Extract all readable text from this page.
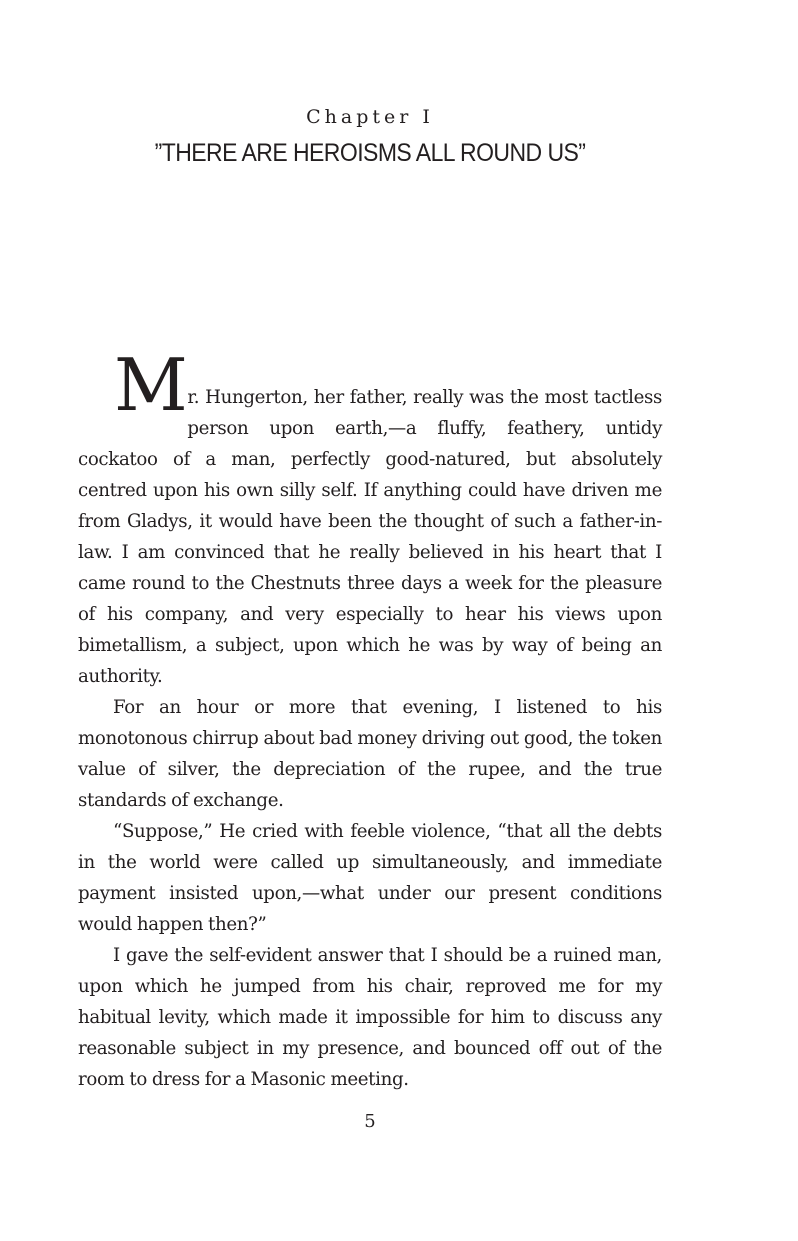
Chapter I
”THERE ARE HEROISMS ALL ROUND US”

Mr. Hungerton, her father, really was the most tactless person upon earth,—a fluffy, feathery, untidy cockatoo of a man, perfectly good-natured, but absolutely centred upon his own silly self. If anything could have driven me from Gladys, it would have been the thought of such a father-in-law. I am convinced that he really believed in his heart that I came round to the Chestnuts three days a week for the pleasure of his company, and very especially to hear his views upon bimetallism, a subject, upon which he was by way of being an authority.

For an hour or more that evening, I listened to his monotonous chirrup about bad money driving out good, the token value of silver, the depreciation of the rupee, and the true standards of exchange.

“Suppose,” He cried with feeble violence, “that all the debts in the world were called up simultaneously, and immediate payment insisted upon,—what under our present conditions would happen then?”

I gave the self-evident answer that I should be a ruined man, upon which he jumped from his chair, reproved me for my habitual levity, which made it impossible for him to discuss any reasonable subject in my presence, and bounced off out of the room to dress for a Masonic meeting.

5
